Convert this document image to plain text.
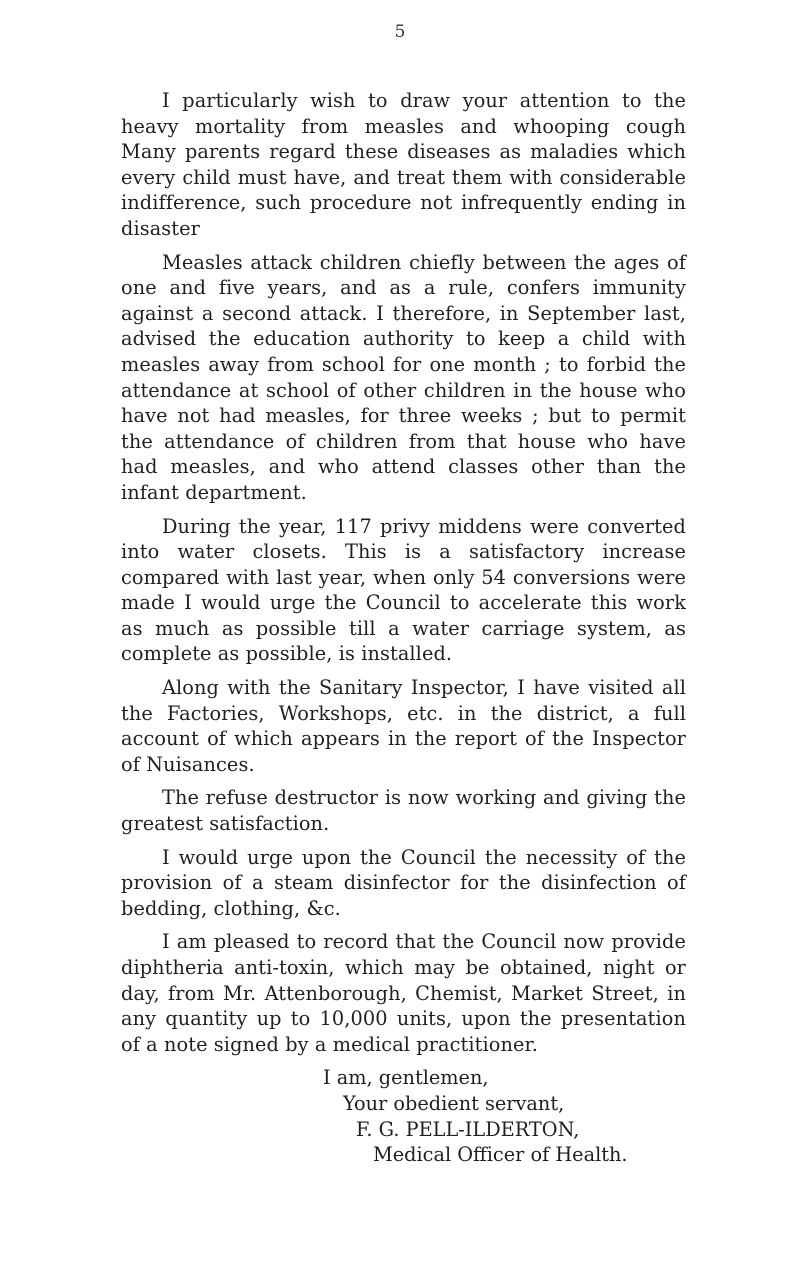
5

I particularly wish to draw your attention to the heavy mortality from measles and whooping cough Many parents regard these diseases as maladies which every child must have, and treat them with considerable indifference, such procedure not infrequently ending in disaster

Measles attack children chiefly between the ages of one and five years, and as a rule, confers immunity against a second attack. I therefore, in September last, advised the education authority to keep a child with measles away from school for one month ; to forbid the attendance at school of other children in the house who have not had measles, for three weeks ; but to permit the attendance of children from that house who have had measles, and who attend classes other than the infant department.

During the year, 117 privy middens were converted into water closets. This is a satisfactory increase compared with last year, when only 54 conversions were made I would urge the Council to accelerate this work as much as possible till a water carriage system, as complete as possible, is installed.

Along with the Sanitary Inspector, I have visited all the Factories, Workshops, etc. in the district, a full account of which appears in the report of the Inspector of Nuisances.

The refuse destructor is now working and giving the greatest satisfaction.

I would urge upon the Council the necessity of the provision of a steam disinfector for the disinfection of bedding, clothing, &c.

I am pleased to record that the Council now provide diphtheria anti-toxin, which may be obtained, night or day, from Mr. Attenborough, Chemist, Market Street, in any quantity up to 10,000 units, upon the presentation of a note signed by a medical practitioner.

I am, gentlemen,
Your obedient servant,
F. G. PELL-ILDERTON,
Medical Officer of Health.
